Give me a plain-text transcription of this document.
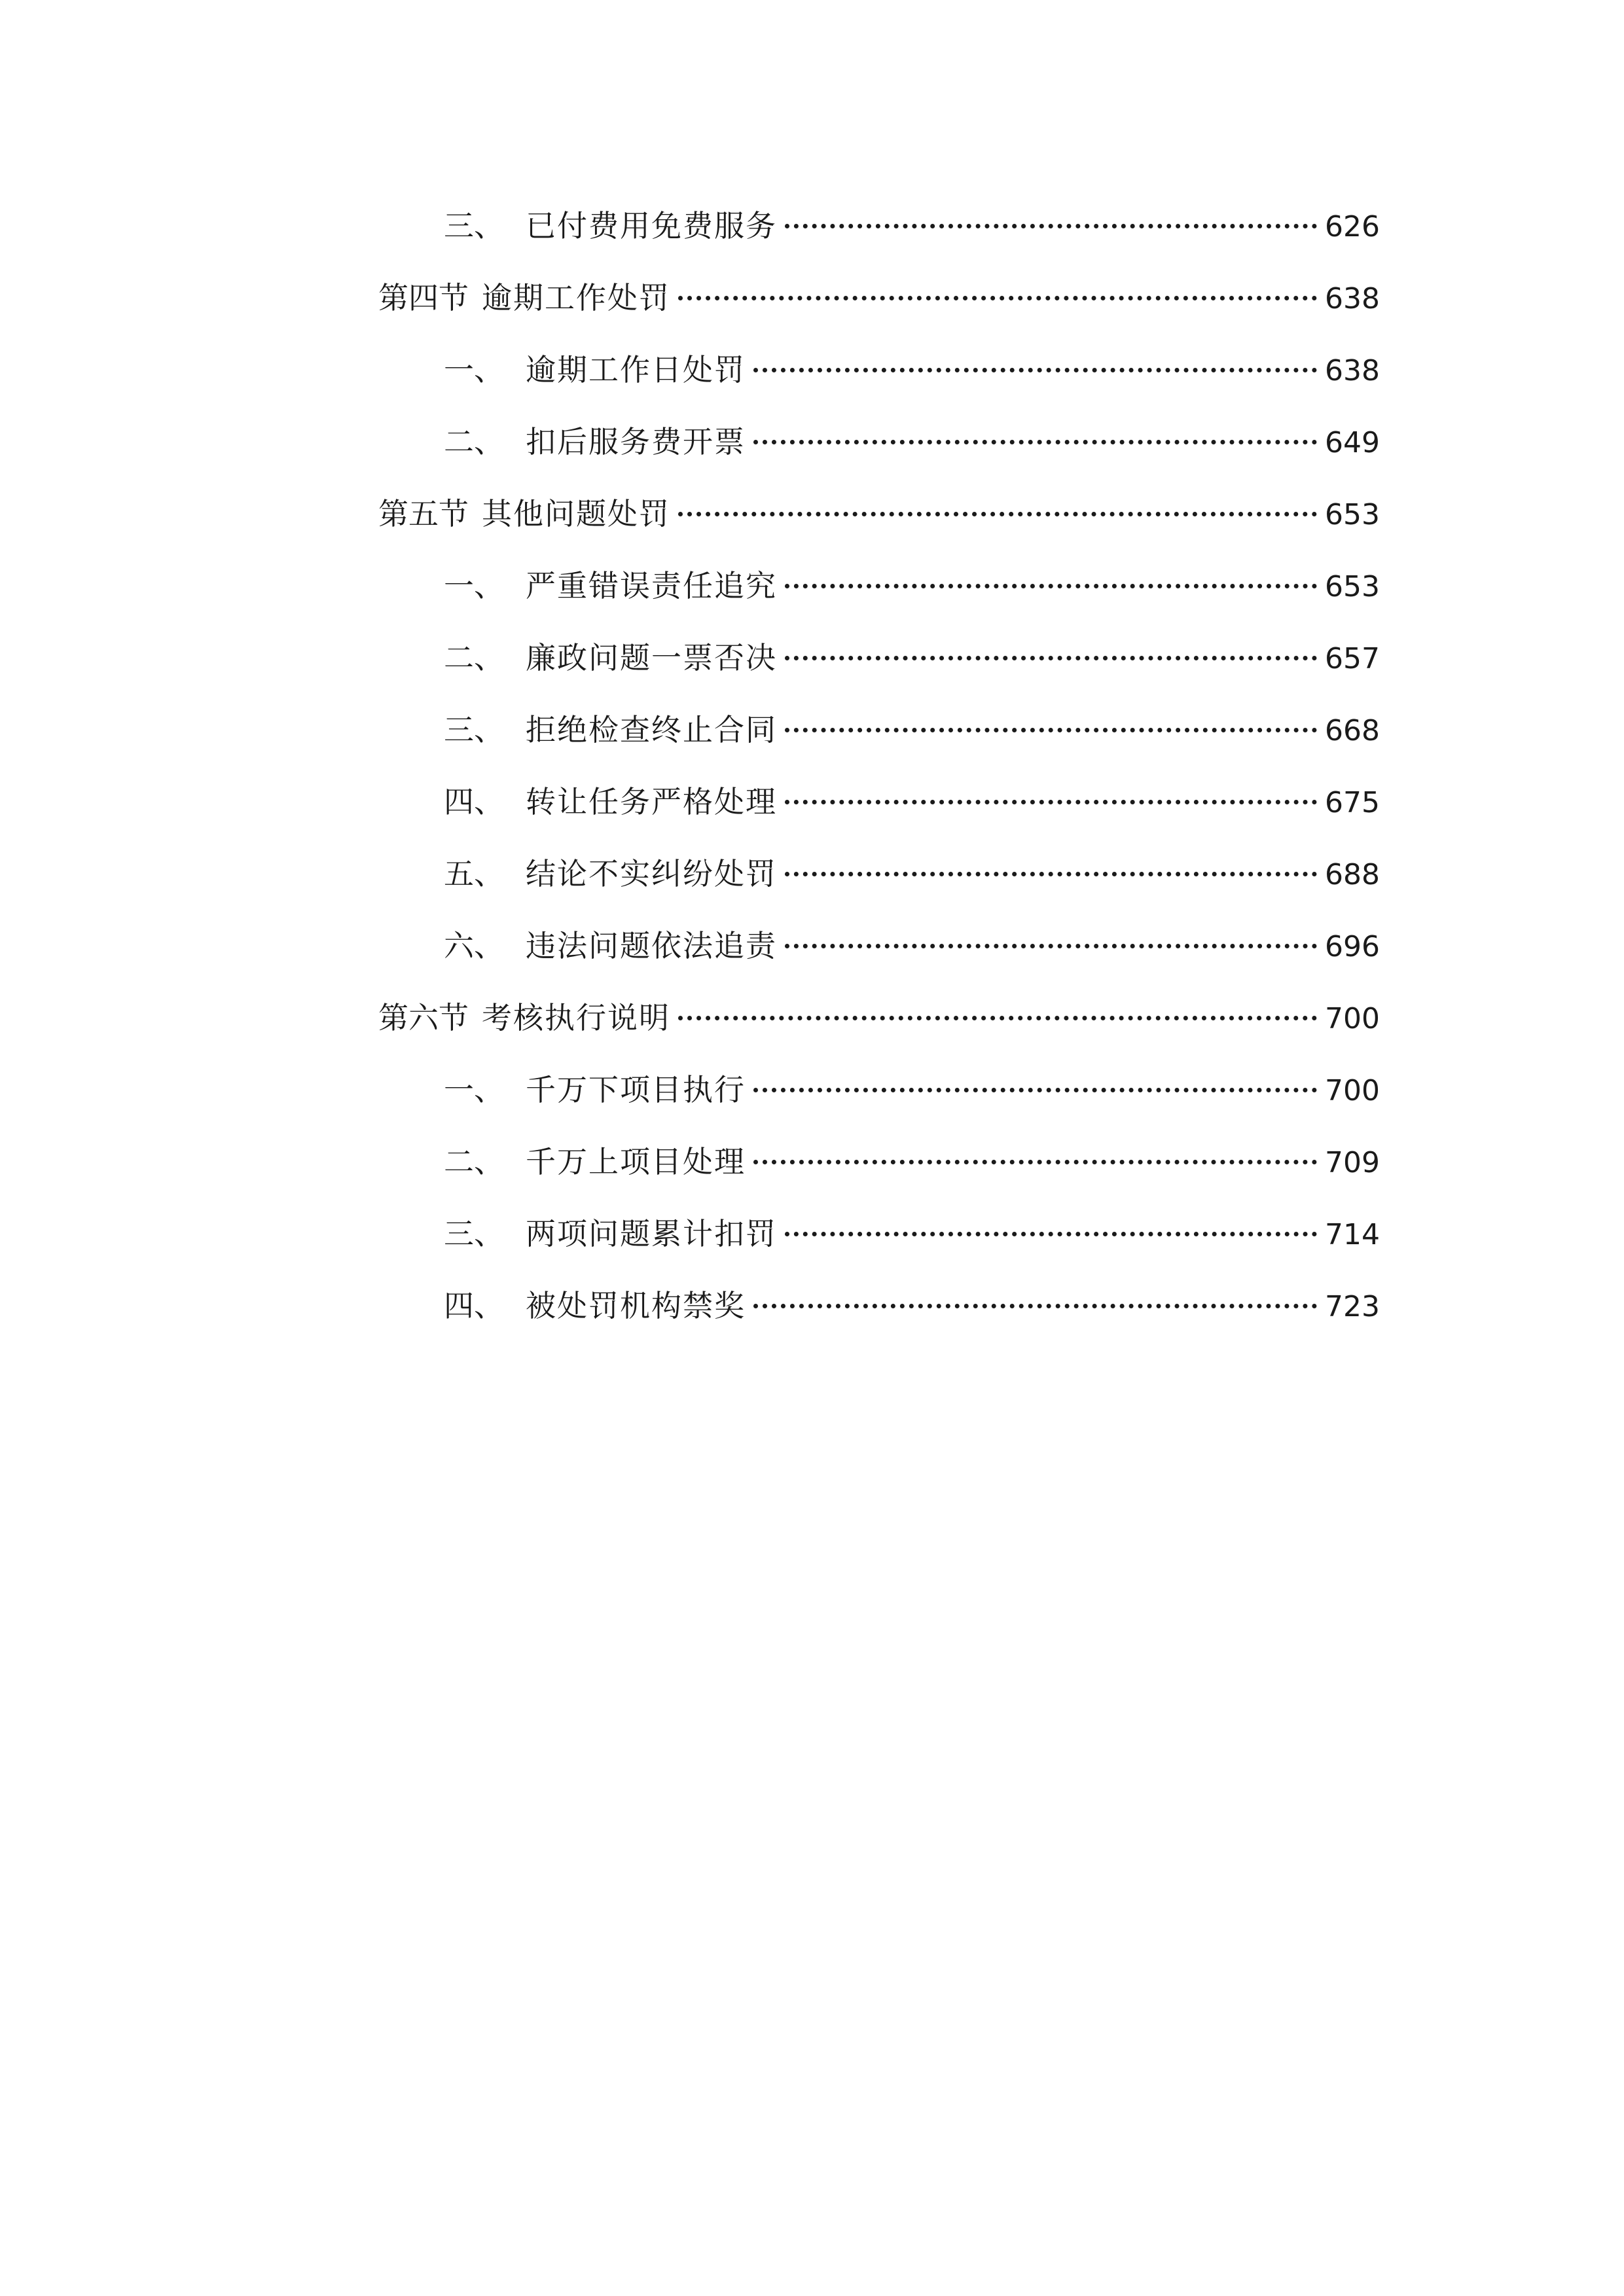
三、 已付费用免费服务	626
第四节 逾期工作处罚	638
一、 逾期工作日处罚	638
二、 扣后服务费开票	649
第五节 其他问题处罚	653
一、 严重错误责任追究	653
二、 廉政问题一票否决	657
三、 拒绝检查终止合同	668
四、 转让任务严格处理	675
五、 结论不实纠纷处罚	688
六、 违法问题依法追责	696
第六节 考核执行说明	700
一、 千万下项目执行	700
二、 千万上项目处理	709
三、 两项问题累计扣罚	714
四、 被处罚机构禁奖	723
